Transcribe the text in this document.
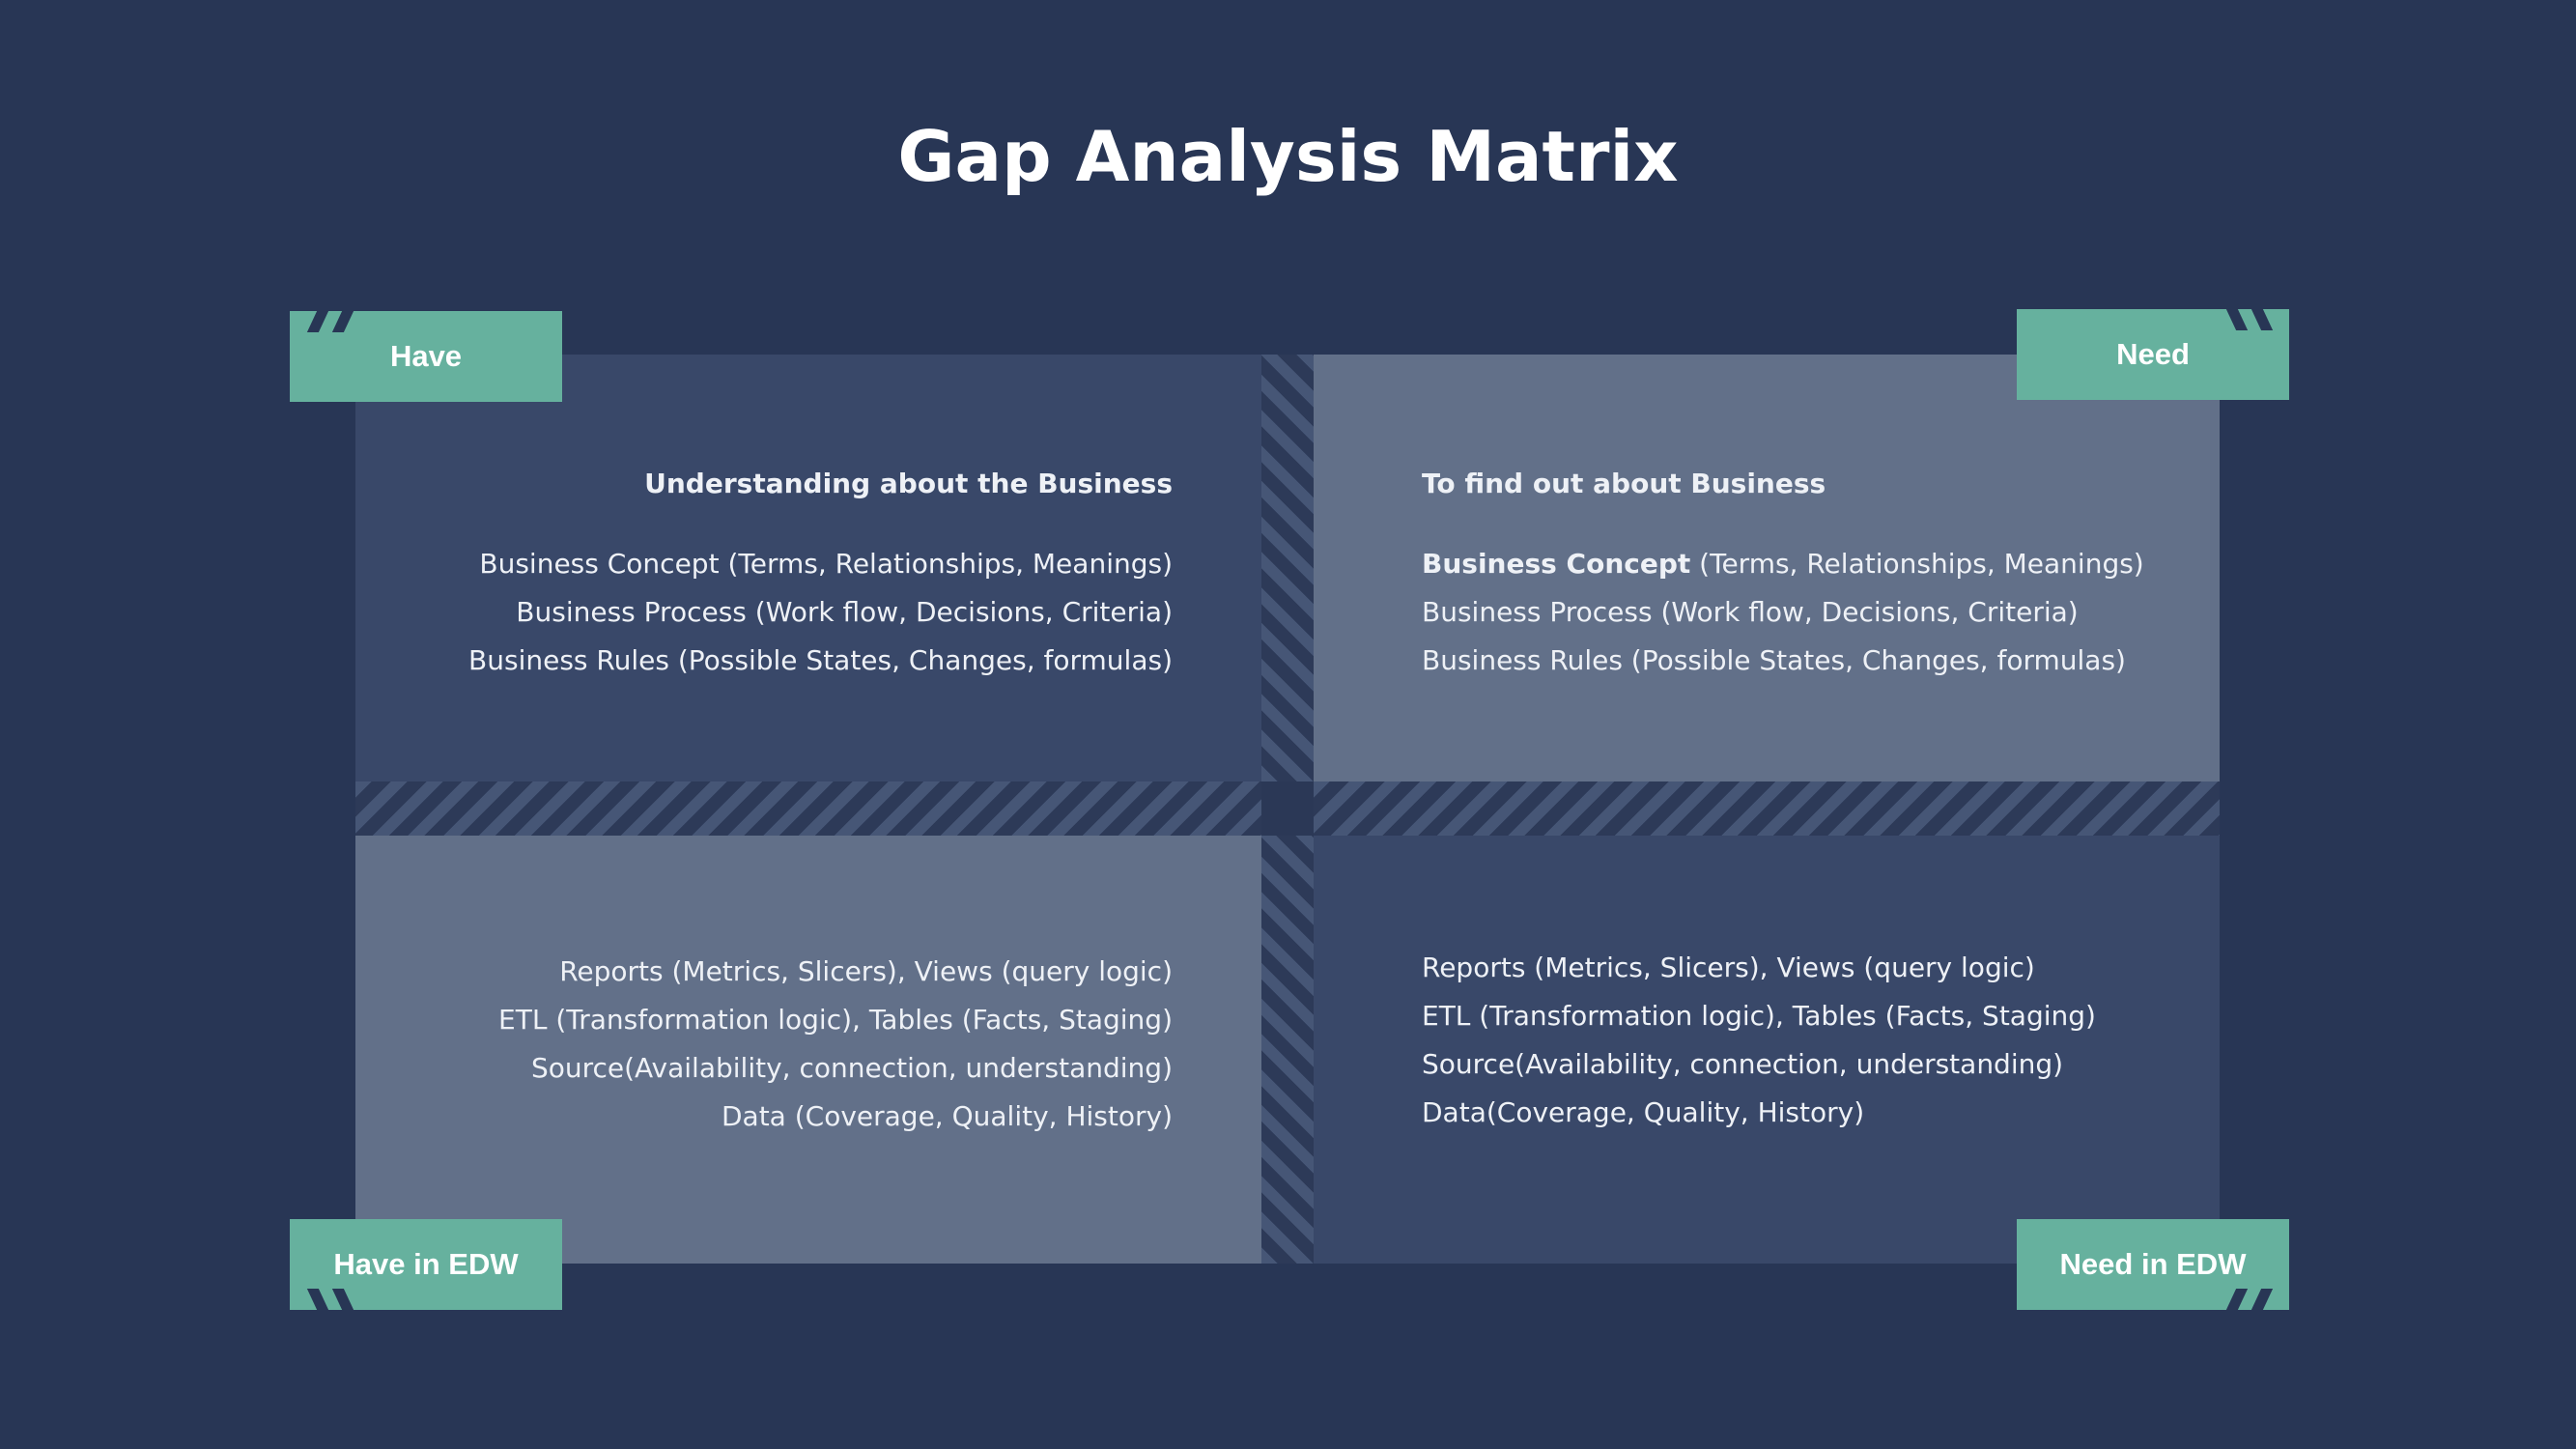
Gap Analysis Matrix
Have	Need
Have in EDW	Need in EDW
Understanding about the Business
Business Concept (Terms, Relationships, Meanings)
Business Process (Work flow, Decisions, Criteria)
Business Rules (Possible States, Changes, formulas)
To find out about Business
Business Concept (Terms, Relationships, Meanings)
Business Process (Work flow, Decisions, Criteria)
Business Rules (Possible States, Changes, formulas)
Reports (Metrics, Slicers), Views (query logic)
ETL (Transformation logic), Tables (Facts, Staging)
Source(Availability, connection, understanding)
Data (Coverage, Quality, History)
Reports (Metrics, Slicers), Views (query logic)
ETL (Transformation logic), Tables (Facts, Staging)
Source(Availability, connection, understanding)
Data(Coverage, Quality, History)
